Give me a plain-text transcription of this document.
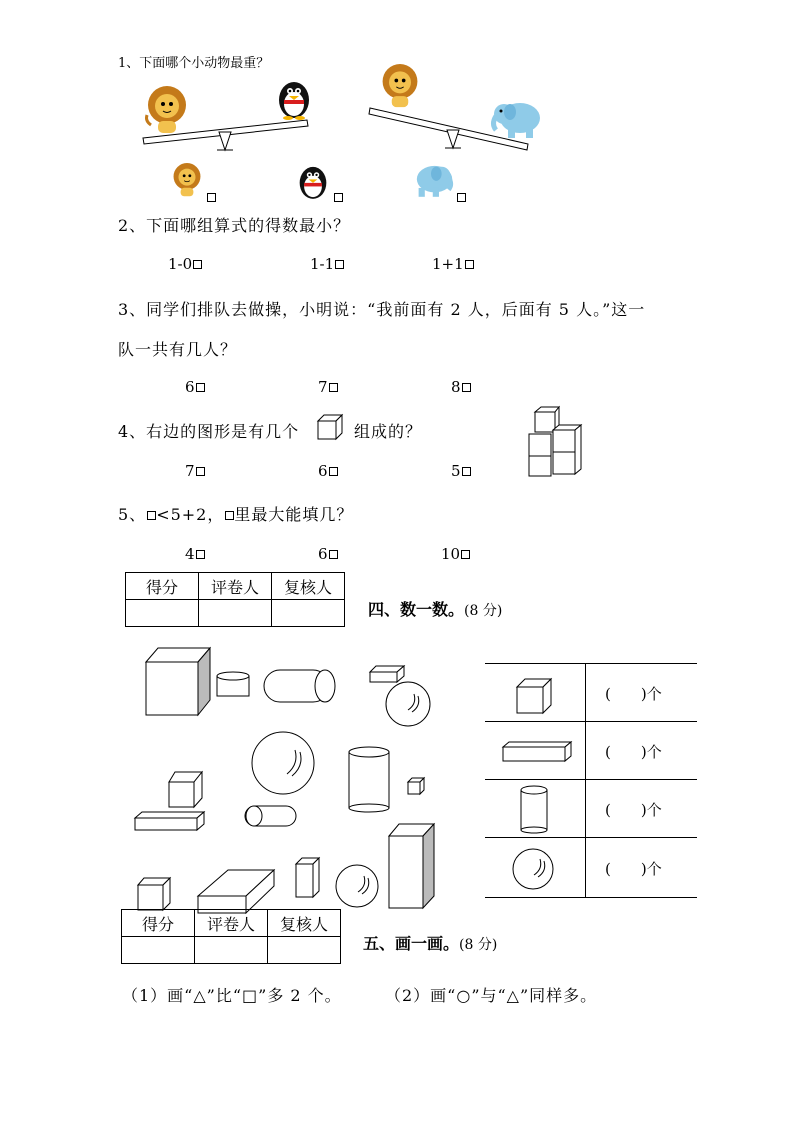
1、下面哪个小动物最重？
2、下面哪组算式的得数最小？
1-0	1-1	1+1
3、同学们排队去做操，小明说：“我前面有 2 人，后面有 5 人。”这一
队一共有几人？
6	7	8
4、右边的图形是有几个	组成的？
7	6	5
5、 <5+2， 里最大能填几？
4	6	10
得分	评卷人	复核人

四、数一数。(8 分)
(　　)个
(　　)个
(　　)个
(　　)个
得分	评卷人	复核人

五、画一画。(8 分)
（1）画“△”比“□”多 2 个。	（2）画“○”与“△”同样多。
